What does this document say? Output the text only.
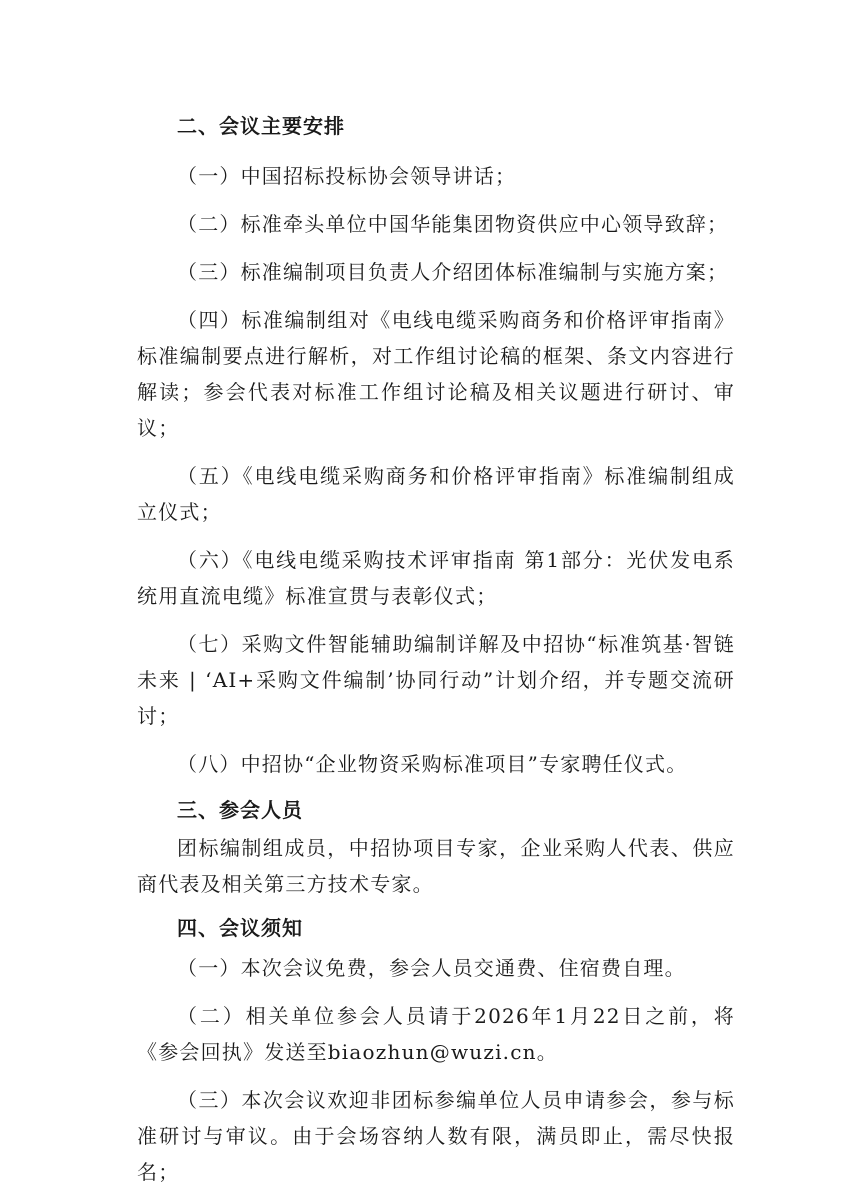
二、会议主要安排

（一）中国招标投标协会领导讲话；

（二）标准牵头单位中国华能集团物资供应中心领导致辞；

（三）标准编制项目负责人介绍团体标准编制与实施方案；

（四）标准编制组对《电线电缆采购商务和价格评审指南》标准编制要点进行解析，对工作组讨论稿的框架、条文内容进行解读；参会代表对标准工作组讨论稿及相关议题进行研讨、审议；

（五）《电线电缆采购商务和价格评审指南》标准编制组成立仪式；

（六）《电线电缆采购技术评审指南 第1部分：光伏发电系统用直流电缆》标准宣贯与表彰仪式；

（七）采购文件智能辅助编制详解及中招协“标准筑基·智链未来 | ‘AI+采购文件编制’协同行动”计划介绍，并专题交流研讨；

（八）中招协“企业物资采购标准项目”专家聘任仪式。

三、参会人员

团标编制组成员，中招协项目专家，企业采购人代表、供应商代表及相关第三方技术专家。

四、会议须知

（一）本次会议免费，参会人员交通费、住宿费自理。

（二）相关单位参会人员请于2026年1月22日之前，将《参会回执》发送至biaozhun@wuzi.cn。

（三）本次会议欢迎非团标参编单位人员申请参会，参与标准研讨与审议。由于会场容纳人数有限，满员即止，需尽快报名；
